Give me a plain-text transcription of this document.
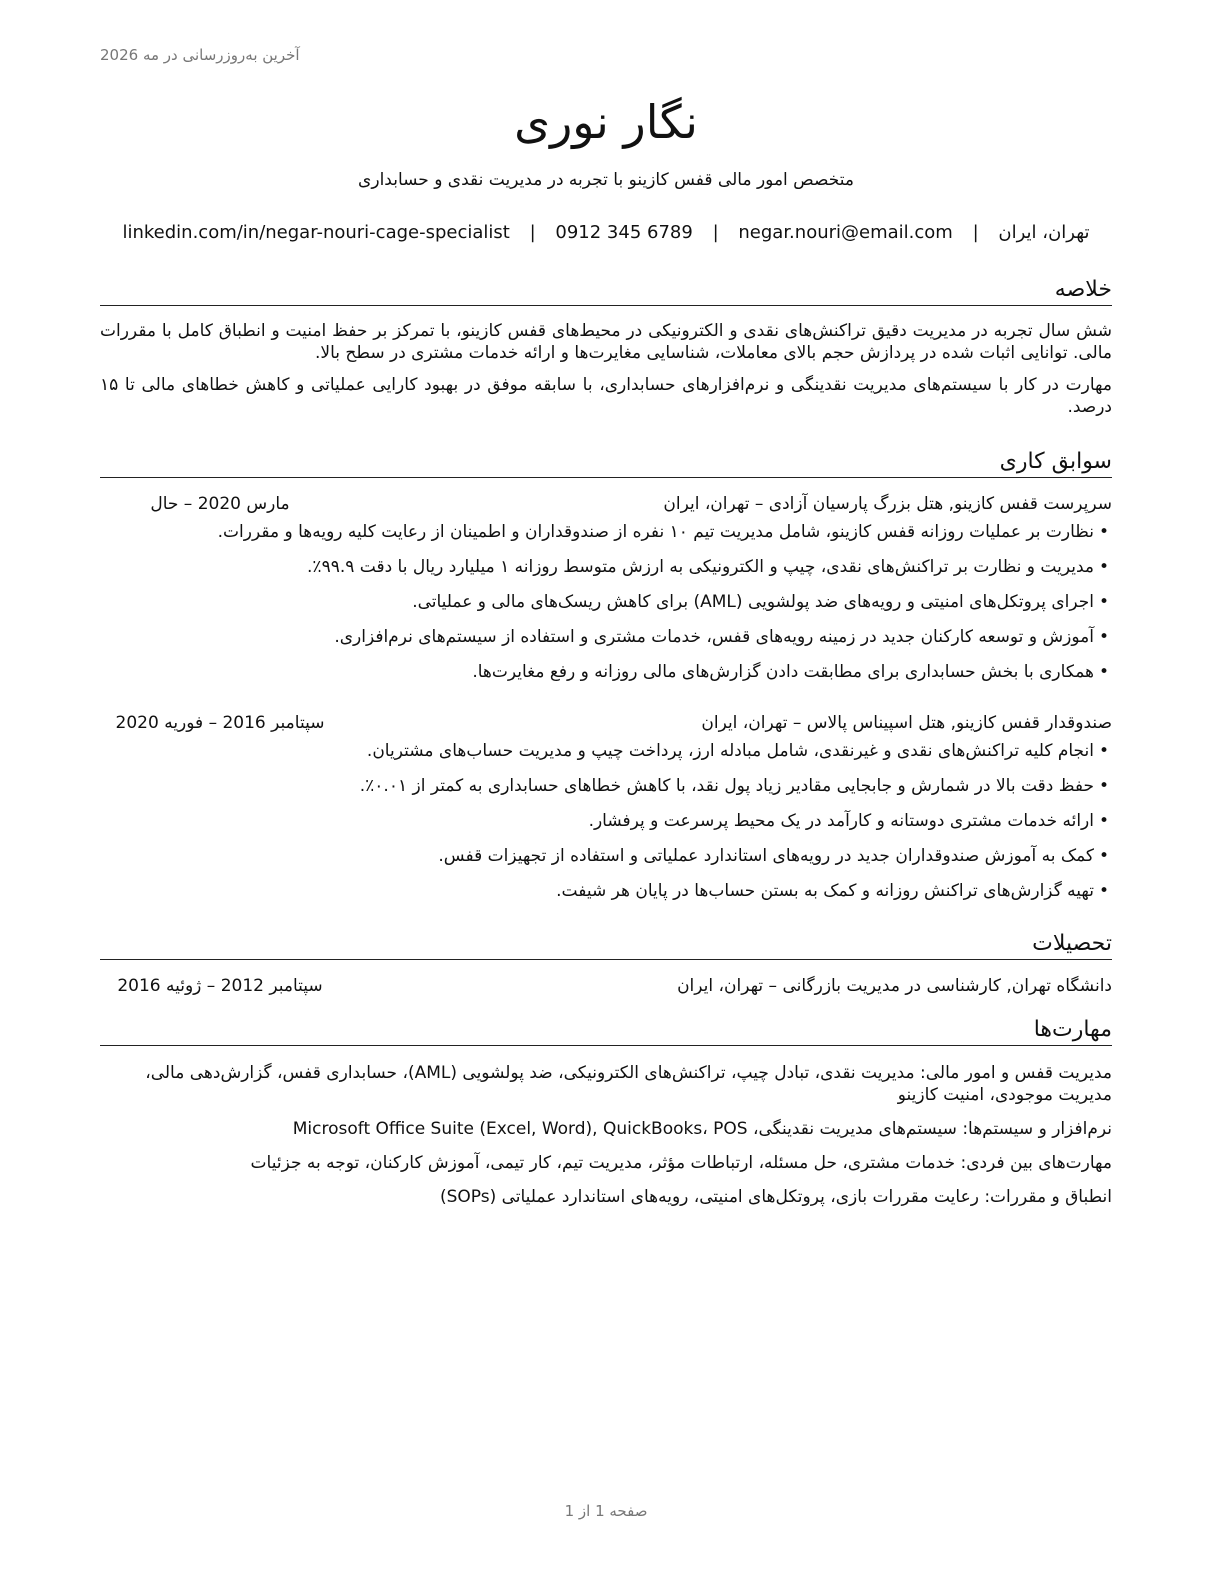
آخرین به‌روزرسانی در مه 2026
نگار نوری
متخصص امور مالی قفس کازینو با تجربه در مدیریت نقدی و حسابداری
تهران، ایران | negar.nouri@email.com | 0912 345 6789 | linkedin.com/in/negar-nouri-cage-specialist
خلاصه

شش سال تجربه در مدیریت دقیق تراکنش‌های نقدی و الکترونیکی در محیط‌های قفس کازینو، با تمرکز بر حفظ امنیت و انطباق کامل با مقررات مالی. توانایی اثبات شده در پردازش حجم بالای معاملات، شناسایی مغایرت‌ها و ارائه خدمات مشتری در سطح بالا.

مهارت در کار با سیستم‌های مدیریت نقدینگی و نرم‌افزارهای حسابداری، با سابقه موفق در بهبود کارایی عملیاتی و کاهش خطاهای مالی تا ۱۵ درصد.

سوابق کاری
سرپرست قفس کازینو, هتل بزرگ پارسیان آزادی – تهران، ایران
مارس 2020 – حال
• نظارت بر عملیات روزانه قفس کازینو، شامل مدیریت تیم ۱۰ نفره از صندوقداران و اطمینان از رعایت کلیه رویه‌ها و مقررات.
• مدیریت و نظارت بر تراکنش‌های نقدی، چیپ و الکترونیکی به ارزش متوسط روزانه ۱ میلیارد ریال با دقت ۹۹.۹٪.
• اجرای پروتکل‌های امنیتی و رویه‌های ضد پولشویی (AML) برای کاهش ریسک‌های مالی و عملیاتی.
• آموزش و توسعه کارکنان جدید در زمینه رویه‌های قفس، خدمات مشتری و استفاده از سیستم‌های نرم‌افزاری.
• همکاری با بخش حسابداری برای مطابقت دادن گزارش‌های مالی روزانه و رفع مغایرت‌ها.
صندوقدار قفس کازینو, هتل اسپیناس پالاس – تهران، ایران
سپتامبر 2016 – فوریه 2020
• انجام کلیه تراکنش‌های نقدی و غیرنقدی، شامل مبادله ارز، پرداخت چیپ و مدیریت حساب‌های مشتریان.
• حفظ دقت بالا در شمارش و جابجایی مقادیر زیاد پول نقد، با کاهش خطاهای حسابداری به کمتر از ۰.۰۱٪.
• ارائه خدمات مشتری دوستانه و کارآمد در یک محیط پرسرعت و پرفشار.
• کمک به آموزش صندوقداران جدید در رویه‌های استاندارد عملیاتی و استفاده از تجهیزات قفس.
• تهیه گزارش‌های تراکنش روزانه و کمک به بستن حساب‌ها در پایان هر شیفت.
تحصیلات
دانشگاه تهران, کارشناسی در مدیریت بازرگانی – تهران، ایران
سپتامبر 2012 – ژوئیه 2016
مهارت‌ها

مدیریت قفس و امور مالی: مدیریت نقدی، تبادل چیپ، تراکنش‌های الکترونیکی، ضد پولشویی (AML)، حسابداری قفس، گزارش‌دهی مالی، مدیریت موجودی، امنیت کازینو

نرم‌افزار و سیستم‌ها: سیستم‌های مدیریت نقدینگی، Microsoft Office Suite (Excel, Word), QuickBooks، POS

مهارت‌های بین فردی: خدمات مشتری، حل مسئله، ارتباطات مؤثر، مدیریت تیم، کار تیمی، آموزش کارکنان، توجه به جزئیات

انطباق و مقررات: رعایت مقررات بازی، پروتکل‌های امنیتی، رویه‌های استاندارد عملیاتی (SOPs)

صفحه 1 از 1
